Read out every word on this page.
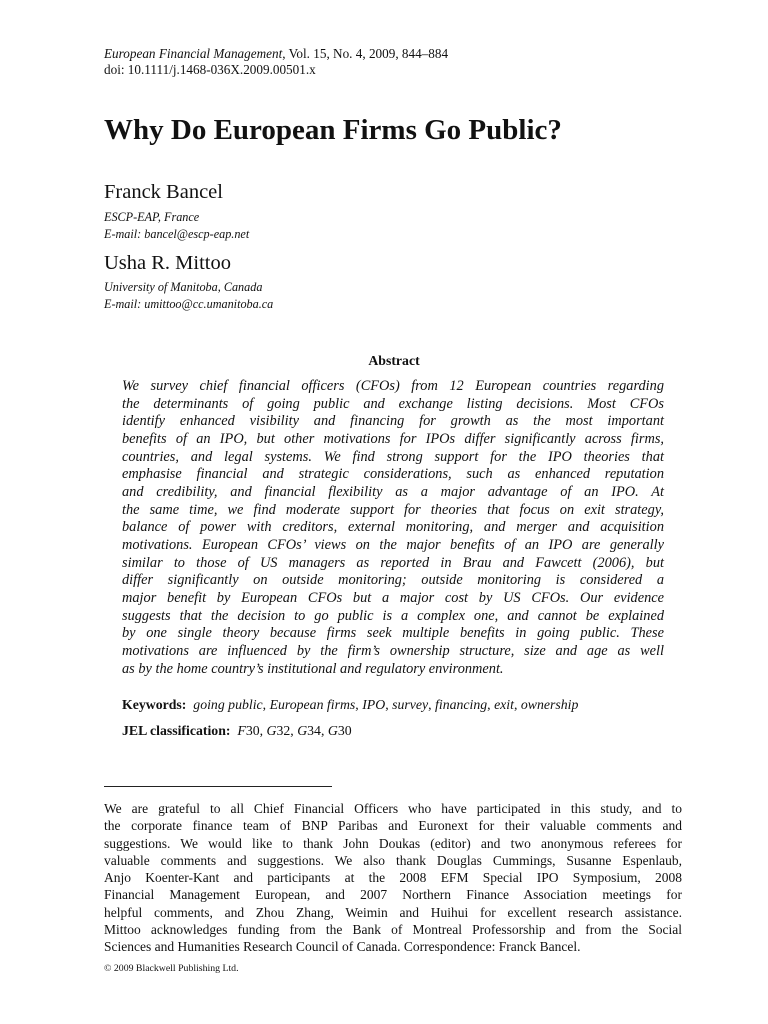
European Financial Management, Vol. 15, No. 4, 2009, 844–884
doi: 10.1111/j.1468-036X.2009.00501.x
Why Do European Firms Go Public?
Franck Bancel
ESCP-EAP, France
E-mail: bancel@escp-eap.net
Usha R. Mittoo
University of Manitoba, Canada
E-mail: umittoo@cc.umanitoba.ca
Abstract
We survey chief financial officers (CFOs) from 12 European countries regarding
the determinants of going public and exchange listing decisions. Most CFOs
identify enhanced visibility and financing for growth as the most important
benefits of an IPO, but other motivations for IPOs differ significantly across firms,
countries, and legal systems. We find strong support for the IPO theories that
emphasise financial and strategic considerations, such as enhanced reputation
and credibility, and financial flexibility as a major advantage of an IPO. At
the same time, we find moderate support for theories that focus on exit strategy,
balance of power with creditors, external monitoring, and merger and acquisition
motivations. European CFOs’ views on the major benefits of an IPO are generally
similar to those of US managers as reported in Brau and Fawcett (2006), but
differ significantly on outside monitoring; outside monitoring is considered a
major benefit by European CFOs but a major cost by US CFOs. Our evidence
suggests that the decision to go public is a complex one, and cannot be explained
by one single theory because firms seek multiple benefits in going public. These
motivations are influenced by the firm’s ownership structure, size and age as well
as by the home country’s institutional and regulatory environment.
Keywords: going public, European firms, IPO, survey, financing, exit, ownership
JEL classification: F30, G32, G34, G30
We are grateful to all Chief Financial Officers who have participated in this study, and to
the corporate finance team of BNP Paribas and Euronext for their valuable comments and
suggestions. We would like to thank John Doukas (editor) and two anonymous referees for
valuable comments and suggestions. We also thank Douglas Cummings, Susanne Espenlaub,
Anjo Koenter-Kant and participants at the 2008 EFM Special IPO Symposium, 2008
Financial Management European, and 2007 Northern Finance Association meetings for
helpful comments, and Zhou Zhang, Weimin and Huihui for excellent research assistance.
Mittoo acknowledges funding from the Bank of Montreal Professorship and from the Social
Sciences and Humanities Research Council of Canada. Correspondence: Franck Bancel.
© 2009 Blackwell Publishing Ltd.
